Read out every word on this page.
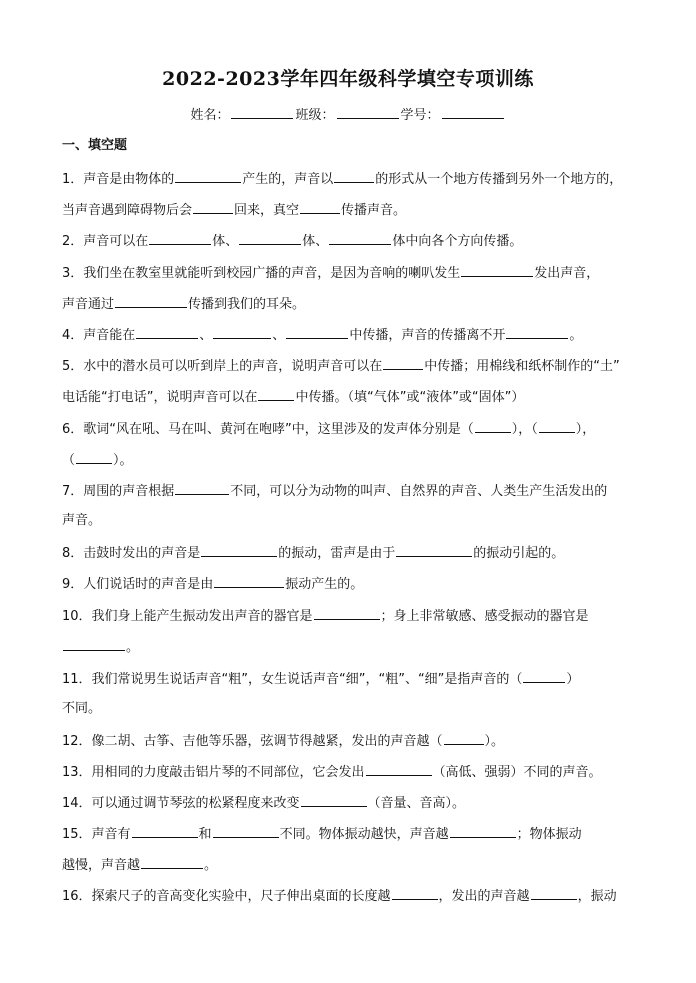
2022-2023学年四年级科学填空专项训练
姓名：	班级：	学号：
一、填空题
1．声音是由物体的	产生的，声音以	的形式从一个地方传播到另外一个地方的，
当声音遇到障碍物后会	回来，真空	传播声音。
2．声音可以在	体、	体、	体中向各个方向传播。
3．我们坐在教室里就能听到校园广播的声音，是因为音响的喇叭发生	发出声音，
声音通过	传播到我们的耳朵。
4．声音能在	、	、	中传播，声音的传播离不开	。
5．水中的潜水员可以听到岸上的声音，说明声音可以在	中传播；用棉线和纸杯制作的“土”
电话能“打电话”，说明声音可以在	中传播。（填“气体”或“液体”或“固体”）
6．歌词“风在吼、马在叫、黄河在咆哮”中，这里涉及的发声体分别是（	），（	），
（	）。
7．周围的声音根据	不同，可以分为动物的叫声、自然界的声音、人类生产生活发出的
声音。
8．击鼓时发出的声音是	的振动，雷声是由于	的振动引起的。
9．人们说话时的声音是由	振动产生的。
10．我们身上能产生振动发出声音的器官是	；身上非常敏感、感受振动的器官是
。
11．我们常说男生说话声音“粗”，女生说话声音“细”，“粗”、“细”是指声音的（	）
不同。
12．像二胡、古筝、吉他等乐器，弦调节得越紧，发出的声音越（	）。
13．用相同的力度敲击铝片琴的不同部位，它会发出	（高低、强弱）不同的声音。
14．可以通过调节琴弦的松紧程度来改变	（音量、音高）。
15．声音有	和	不同。物体振动越快，声音越	；物体振动
越慢，声音越	。
16．探索尺子的音高变化实验中，尺子伸出桌面的长度越	，发出的声音越	，振动
